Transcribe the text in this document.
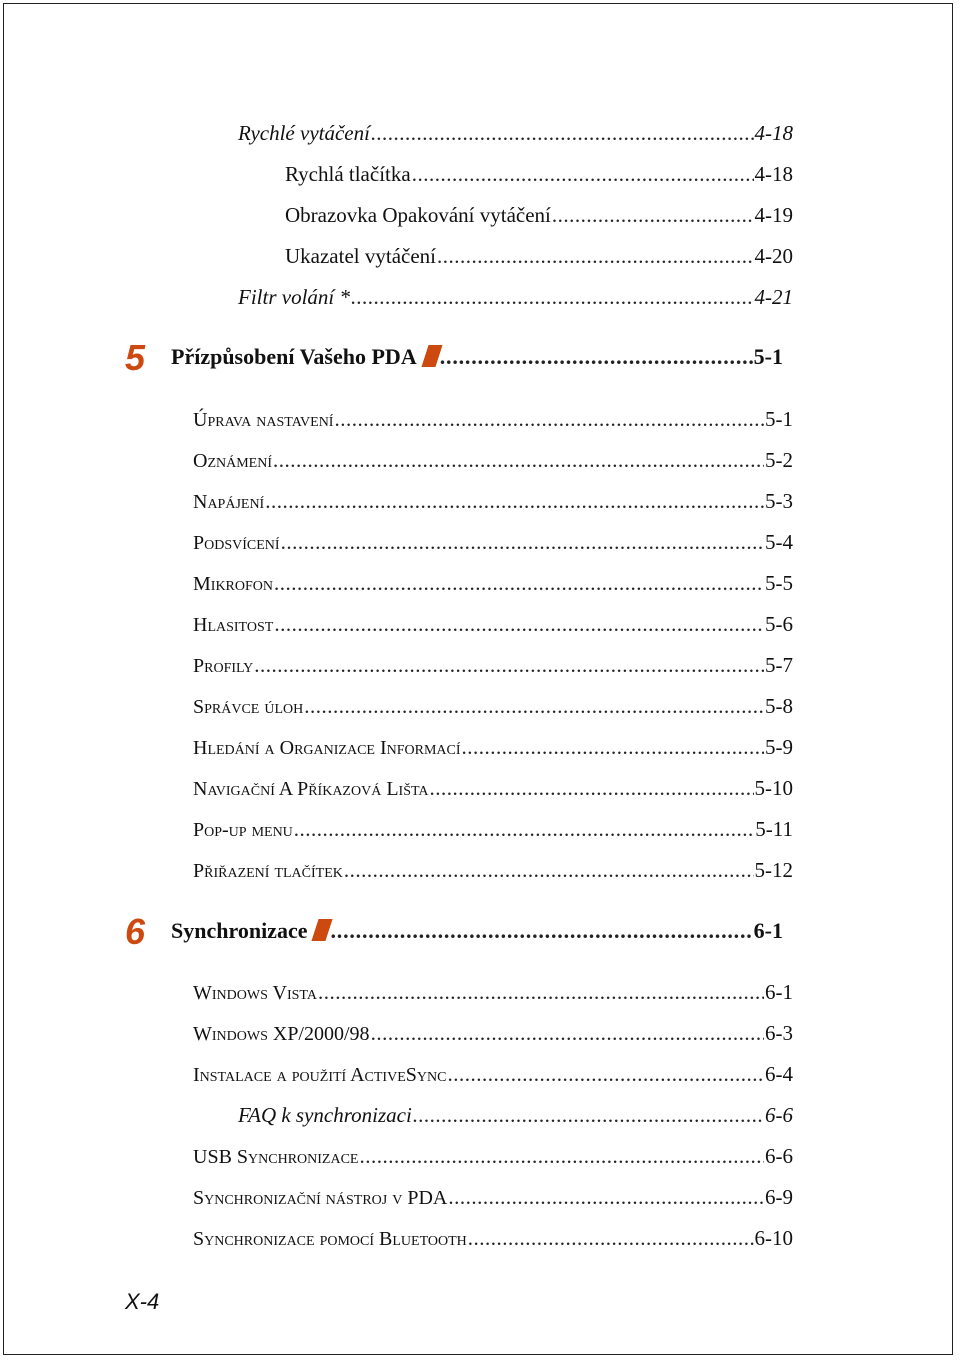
Rychlé vytáčení .....	4-18
Rychlá tlačítka .....	4-18
Obrazovka Opakování vytáčení .....	4-19
Ukazatel vytáčení .....	4-20
Filtr volání * .....	4-21
5 Přízpůsobení Vašeho PDA .....	5-1
Úprava nastavení .....	5-1
Oznámení .....	5-2
Napájení .....	5-3
Podsvícení .....	5-4
Mikrofon .....	5-5
Hlasitost .....	5-6
Profily .....	5-7
Správce úloh .....	5-8
Hledání a Organizace Informací .....	5-9
Navigační A Příkazová Lišta .....	5-10
Pop-up menu .....	5-11
Přiřazení tlačítek .....	5-12
6 Synchronizace .....	6-1
Windows Vista .....	6-1
Windows XP/2000/98 .....	6-3
Instalace a použití ActiveSync .....	6-4
FAQ k synchronizaci .....	6-6
USB Synchronizace .....	6-6
Synchronizační nástroj v PDA .....	6-9
Synchronizace pomocí Bluetooth .....	6-10
X-4
